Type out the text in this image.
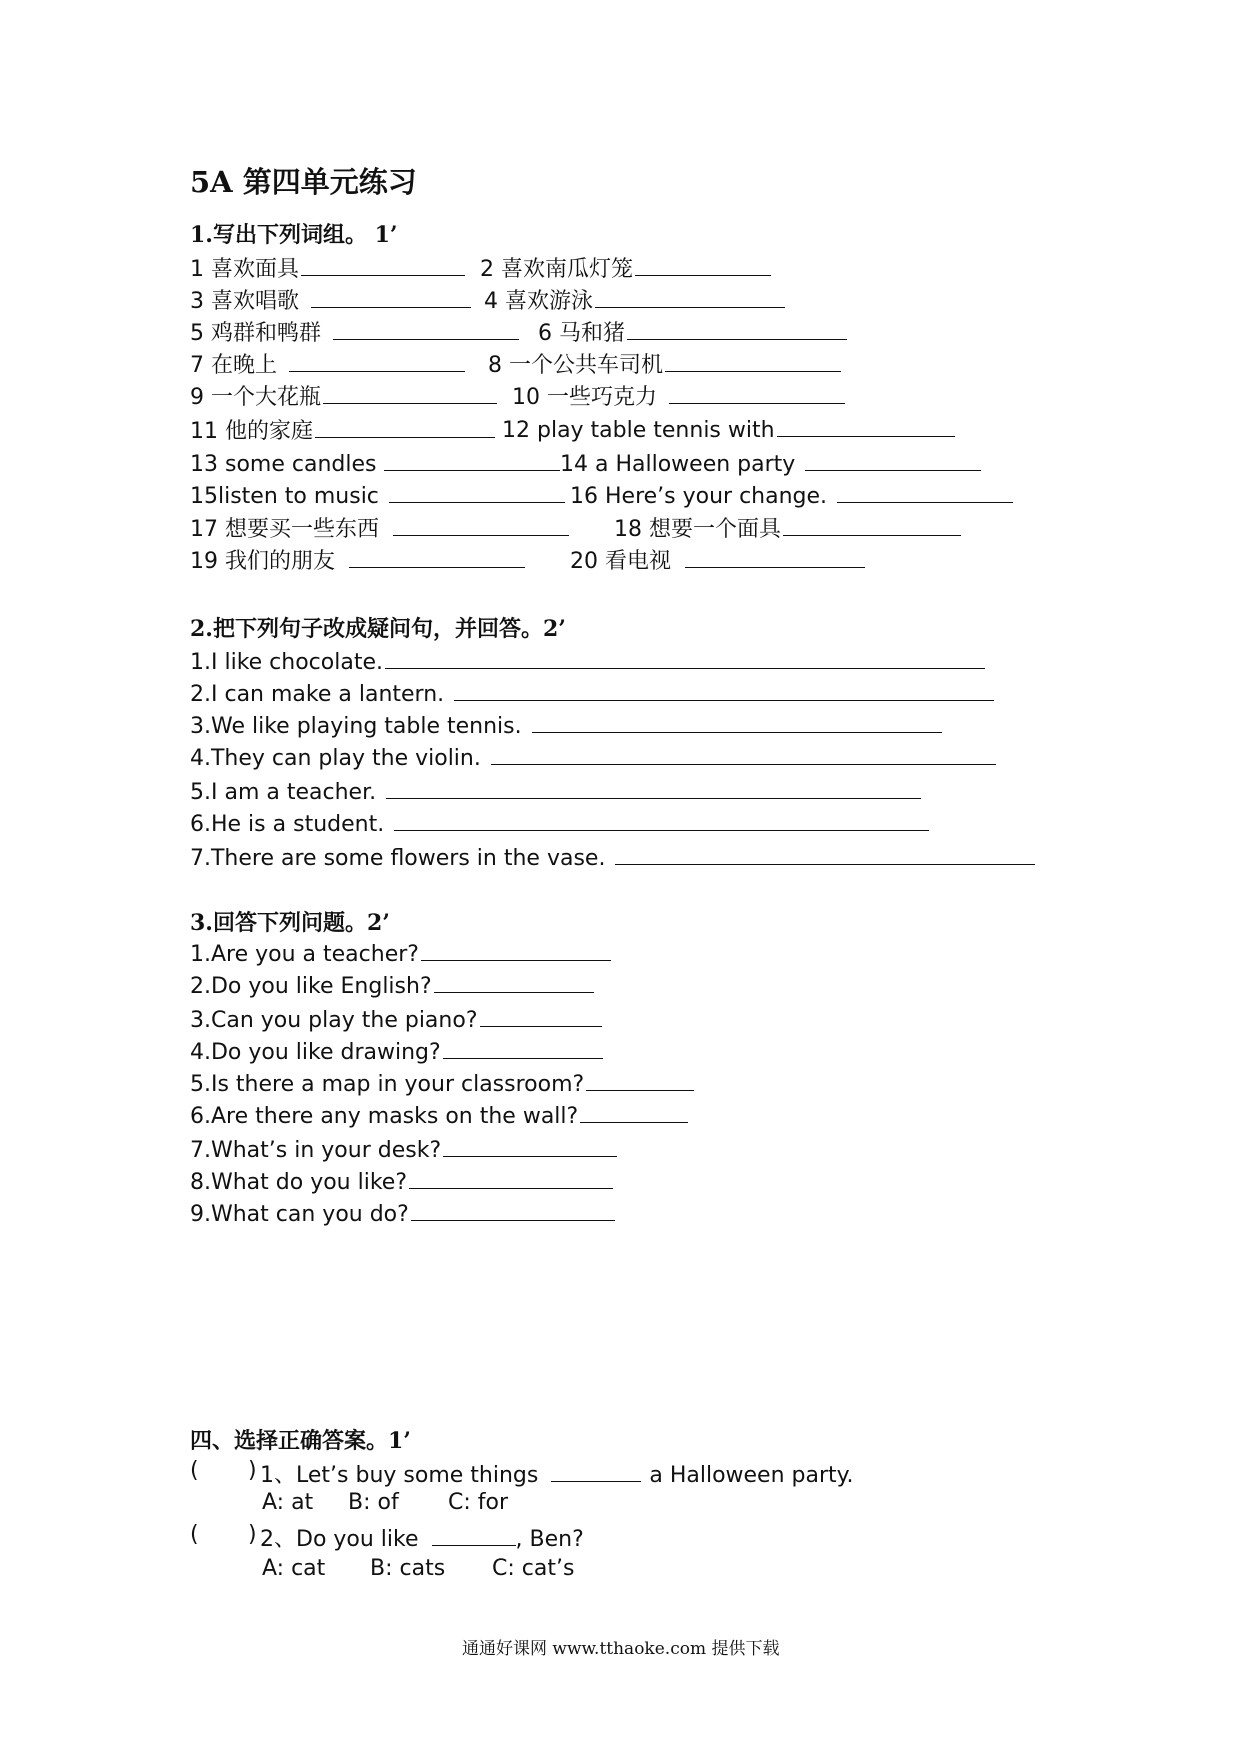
5A 第四单元练习
1.写出下列词组。 1’
1 喜欢面具	2 喜欢南瓜灯笼
3 喜欢唱歌	4 喜欢游泳
5 鸡群和鸭群	6 马和猪
7 在晚上	8 一个公共车司机
9 一个大花瓶	10 一些巧克力
11 他的家庭	12 play table tennis with
13 some candles	14 a Halloween party
15listen to music	16 Here’s your change.
17 想要买一些东西	18 想要一个面具
19 我们的朋友	20 看电视
2.把下列句子改成疑问句，并回答。2’
1.I like chocolate.
2.I can make a lantern.
3.We like playing table tennis.
4.They can play the violin.
5.I am a teacher.
6.He is a student.
7.There are some flowers in the vase.
3.回答下列问题。2’
1.Are you a teacher?
2.Do you like English?
3.Can you play the piano?
4.Do you like drawing?
5.Is there a map in your classroom?
6.Are there any masks on the wall?
7.What’s in your desk?
8.What do you like?
9.What can you do?
四、选择正确答案。1’
( ) 1、Let’s buy some things	a Halloween party.
A: at B: of C: for
( ) 2、Do you like	, Ben?
A: cat B: cats C: cat’s
通通好课网 www.tthaoke.com 提供下载
